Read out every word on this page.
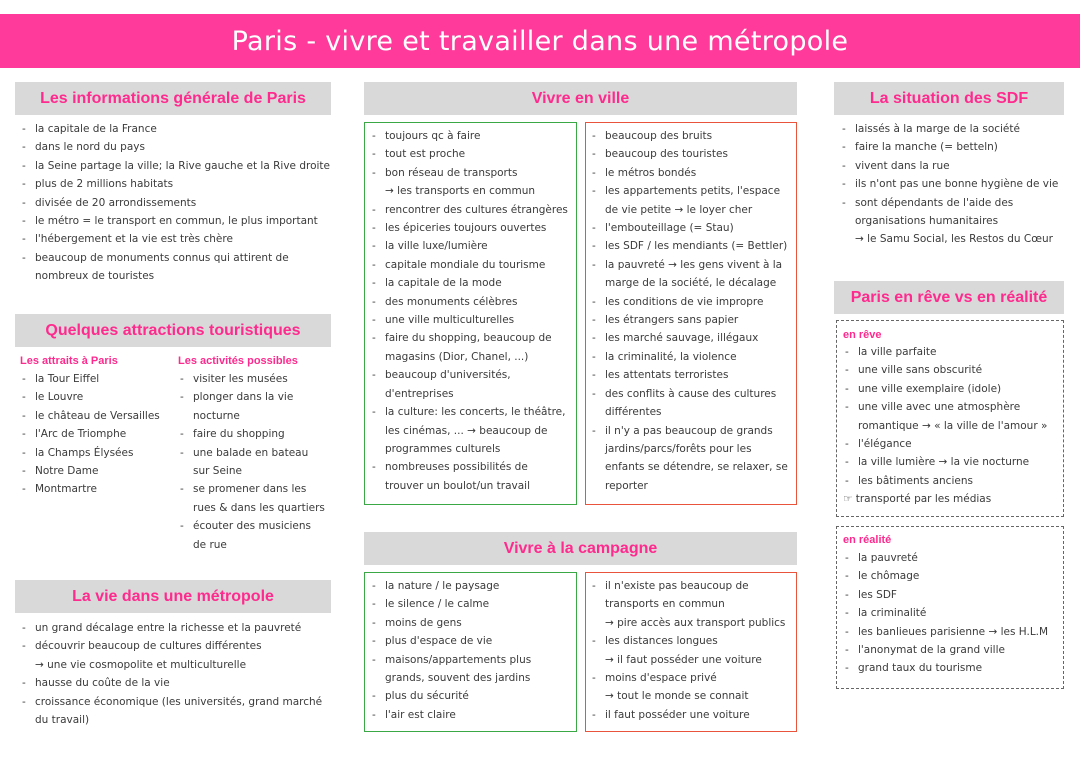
Paris - vivre et travailler dans une métropole
Les informations générale de Paris
- la capitale de la France
- dans le nord du pays
- la Seine partage la ville; la Rive gauche et la Rive droite
- plus de 2 millions habitats
- divisée de 20 arrondissements
- le métro = le transport en commun, le plus important
- l'hébergement et la vie est très chère
- beaucoup de monuments connus qui attirent de
nombreux de touristes
Quelques attractions touristiques
Les attraits à Paris
- la Tour Eiffel
- le Louvre
- le château de Versailles
- l'Arc de Triomphe
- la Champs Élysées
- Notre Dame
- Montmartre
Les activités possibles
- visiter les musées
- plonger dans la vie
nocturne
- faire du shopping
- une balade en bateau
sur Seine
- se promener dans les
rues & dans les quartiers
- écouter des musiciens
de rue
La vie dans une métropole
- un grand décalage entre la richesse et la pauvreté
- découvrir beaucoup de cultures différentes
→ une vie cosmopolite et multiculturelle
- hausse du coûte de la vie
- croissance économique (les universités, grand marché
du travail)
Vivre en ville
- toujours qc à faire
- tout est proche
- bon réseau de transports
→ les transports en commun
- rencontrer des cultures étrangères
- les épiceries toujours ouvertes
- la ville luxe/lumière
- capitale mondiale du tourisme
- la capitale de la mode
- des monuments célèbres
- une ville multiculturelles
- faire du shopping, beaucoup de
magasins (Dior, Chanel, ...)
- beaucoup d'universités,
d'entreprises
- la culture: les concerts, le théâtre,
les cinémas, ... → beaucoup de
programmes culturels
- nombreuses possibilités de
trouver un boulot/un travail
- beaucoup des bruits
- beaucoup des touristes
- le métros bondés
- les appartements petits, l'espace
de vie petite → le loyer cher
- l'embouteillage (= Stau)
- les SDF / les mendiants (= Bettler)
- la pauvreté → les gens vivent à la
marge de la société, le décalage
- les conditions de vie impropre
- les étrangers sans papier
- les marché sauvage, illégaux
- la criminalité, la violence
- les attentats terroristes
- des conflits à cause des cultures
différentes
- il n'y a pas beaucoup de grands
jardins/parcs/forêts pour les
enfants se détendre, se relaxer, se
reporter
Vivre à la campagne
- la nature / le paysage
- le silence / le calme
- moins de gens
- plus d'espace de vie
- maisons/appartements plus
grands, souvent des jardins
- plus du sécurité
- l'air est claire
- il n'existe pas beaucoup de
transports en commun
→ pire accès aux transport publics
- les distances longues
→ il faut posséder une voiture
- moins d'espace privé
→ tout le monde se connait
- il faut posséder une voiture
La situation des SDF
- laissés à la marge de la société
- faire la manche (= betteln)
- vivent dans la rue
- ils n'ont pas une bonne hygiène de vie
- sont dépendants de l'aide des
organisations humanitaires
→ le Samu Social, les Restos du Cœur
Paris en rêve vs en réalité
en rêve
- la ville parfaite
- une ville sans obscurité
- une ville exemplaire (idole)
- une ville avec une atmosphère
romantique → « la ville de l'amour »
- l'élégance
- la ville lumière → la vie nocturne
- les bâtiments anciens
☞ transporté par les médias
en réalité
- la pauvreté
- le chômage
- les SDF
- la criminalité
- les banlieues parisienne → les H.L.M
- l'anonymat de la grand ville
- grand taux du tourisme
